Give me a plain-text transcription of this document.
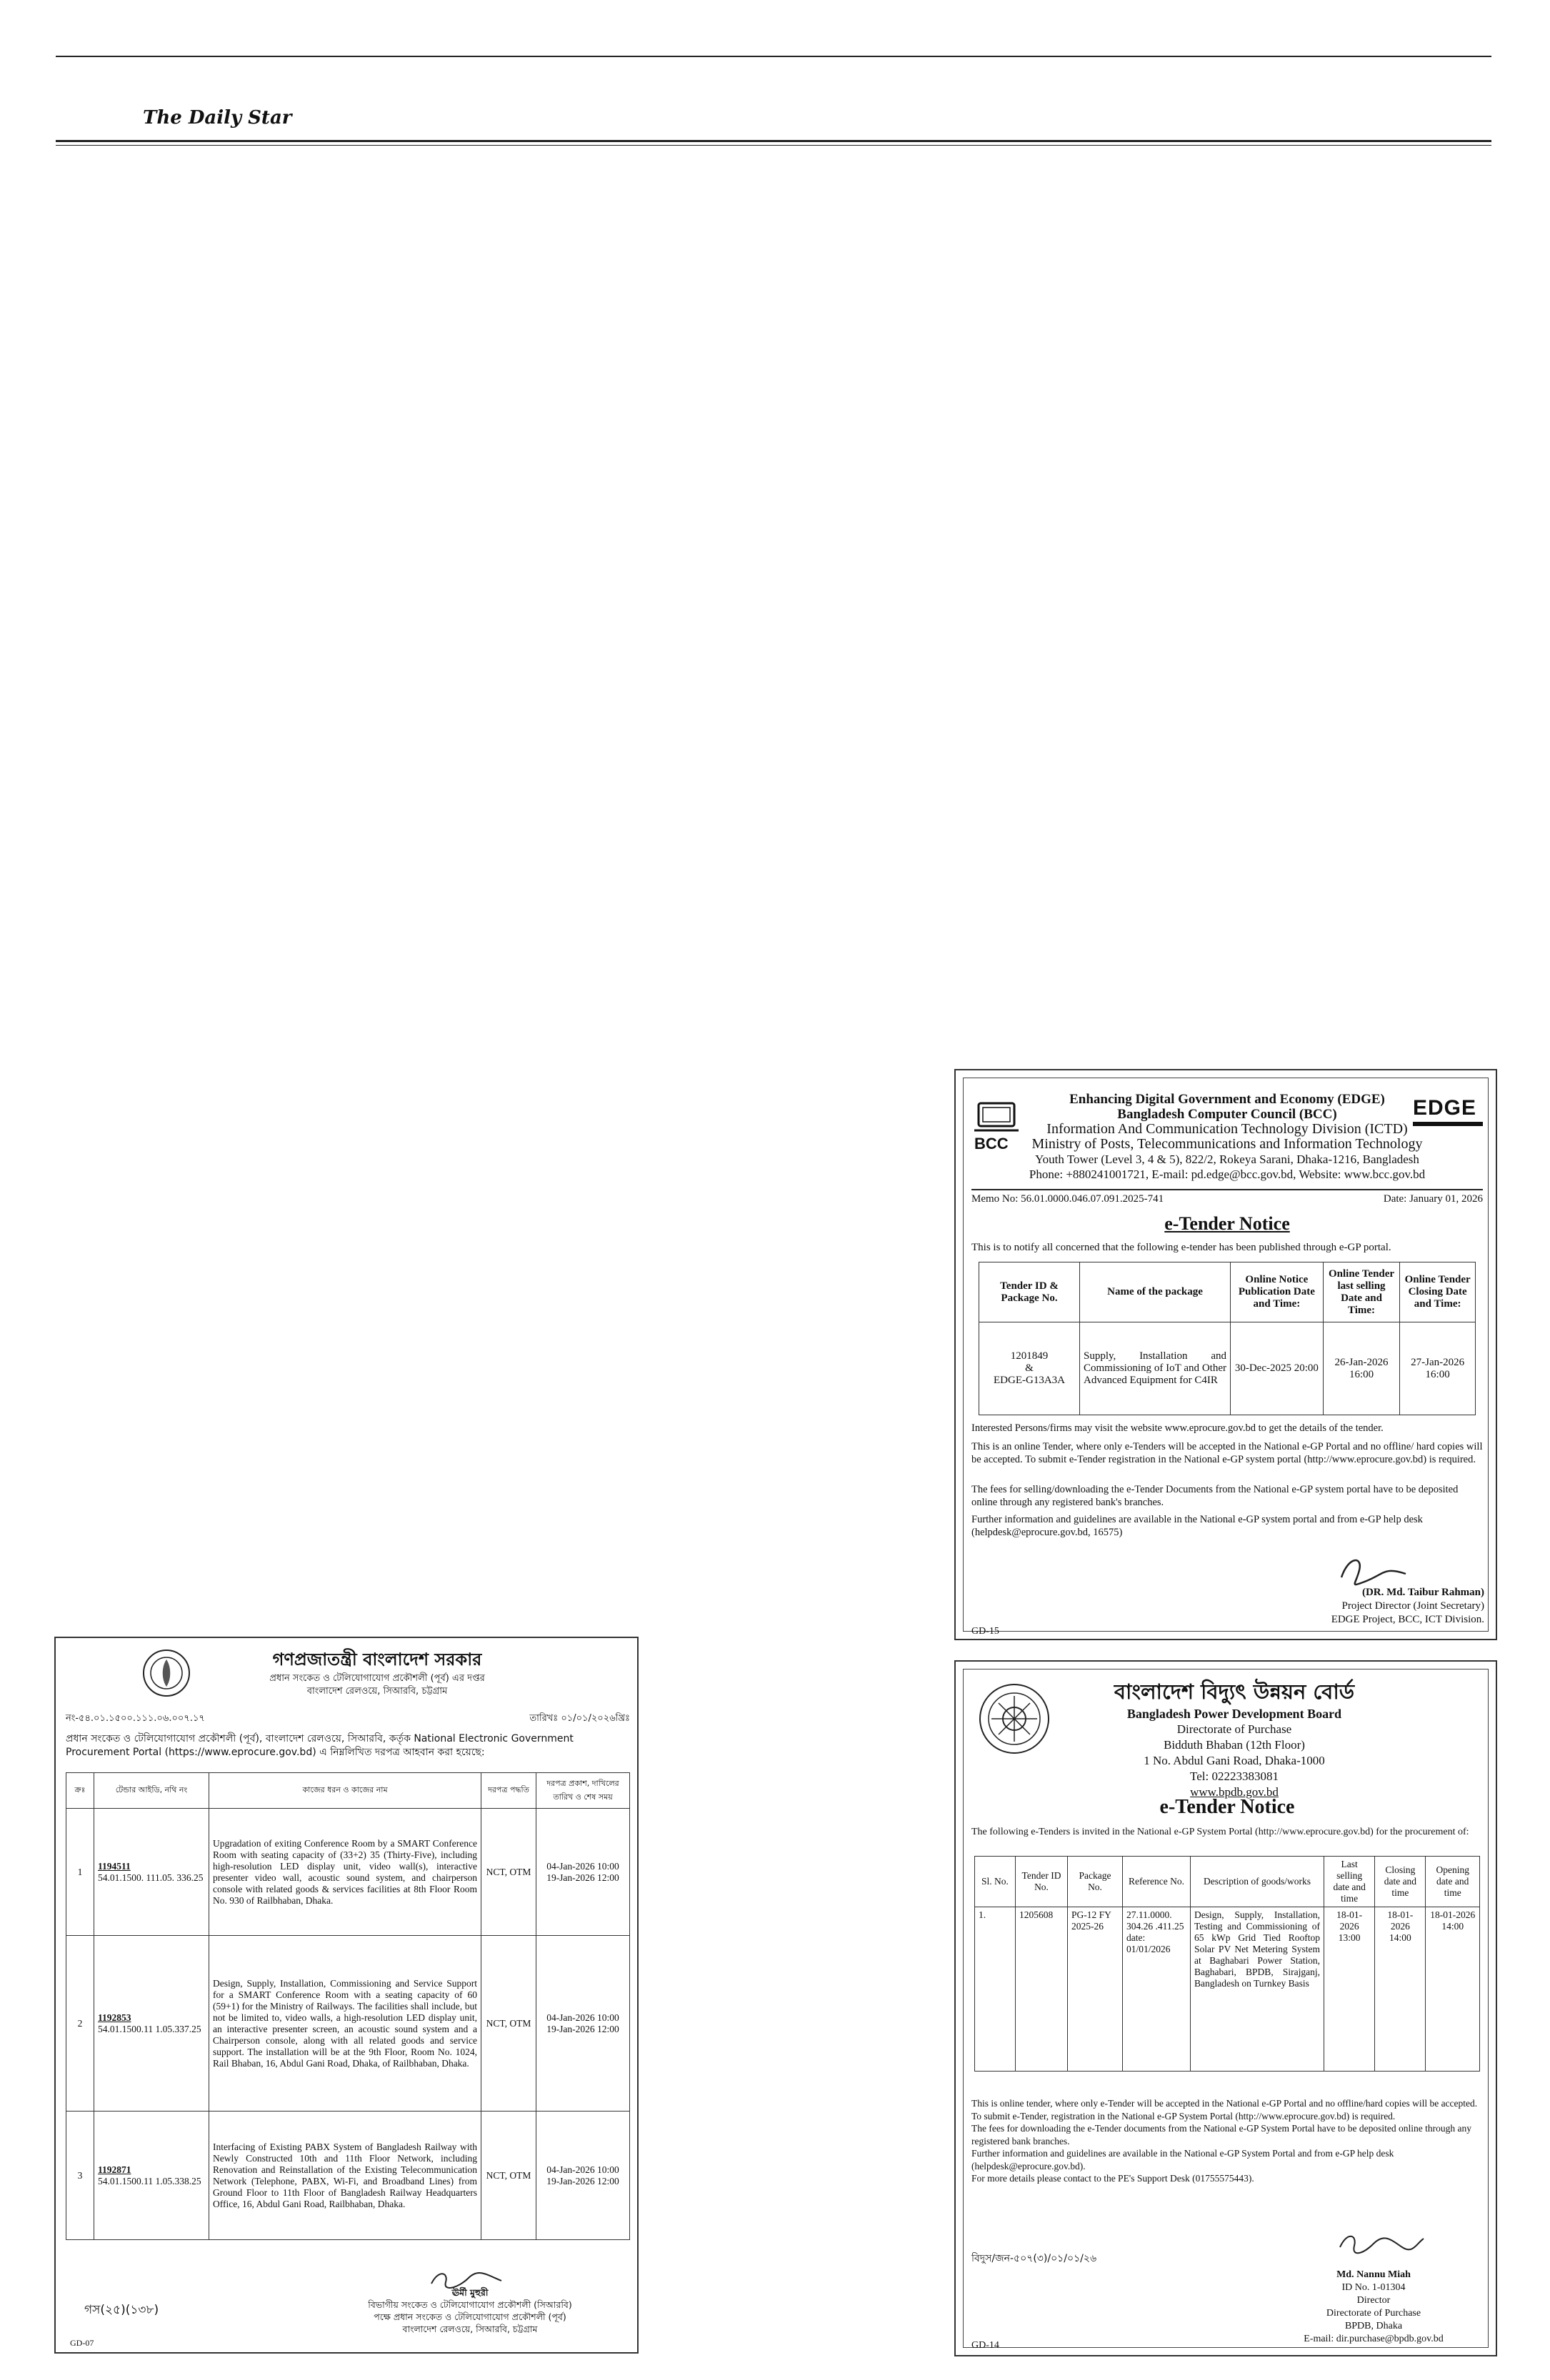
The Daily Star
BCC
EDGE
Enhancing Digital Government and Economy (EDGE)
Bangladesh Computer Council (BCC)
Information And Communication Technology Division (ICTD)
Ministry of Posts, Telecommunications and Information Technology
Youth Tower (Level 3, 4 & 5), 822/2, Rokeya Sarani, Dhaka-1216, Bangladesh
Phone: +880241001721, E-mail: pd.edge@bcc.gov.bd, Website: www.bcc.gov.bd
Memo No: 56.01.0000.046.07.091.2025-741	Date: January 01, 2026
e-Tender Notice
This is to notify all concerned that the following e-tender has been published through e-GP portal.
Tender ID & Package No.	Name of the package	Online Notice Publication Date and Time:	Online Tender last selling Date and Time:	Online Tender Closing Date and Time:

1201849
&
EDGE-G13A3A	Supply, Installation and Commissioning of IoT and Other Advanced Equipment for C4IR	30-Dec-2025 20:00	26-Jan-2026 16:00	27-Jan-2026 16:00
Interested Persons/firms may visit the website www.eprocure.gov.bd to get the details of the tender.
This is an online Tender, where only e-Tenders will be accepted in the National e-GP Portal and no offline/ hard copies will be accepted. To submit e-Tender registration in the National e-GP system portal (http://www.eprocure.gov.bd) is required.
The fees for selling/downloading the e-Tender Documents from the National e-GP system portal have to be deposited online through any registered bank's branches.
Further information and guidelines are available in the National e-GP system portal and from e-GP help desk (helpdesk@eprocure.gov.bd, 16575)
(DR. Md. Taibur Rahman)
Project Director (Joint Secretary)
EDGE Project, BCC, ICT Division.
GD-15
বাংলাদেশ বিদ্যুৎ উন্নয়ন বোর্ড
Bangladesh Power Development Board
Directorate of Purchase
Bidduth Bhaban (12th Floor)
1 No. Abdul Gani Road, Dhaka-1000
Tel: 02223383081
www.bpdb.gov.bd
e-Tender Notice
The following e-Tenders is invited in the National e-GP System Portal (http://www.eprocure.gov.bd) for the procurement of:
Sl. No.	Tender ID No.	Package No.	Reference No.	Description of goods/works	Last selling date and time	Closing date and time	Opening date and time
1.	1205608	PG-12 FY 2025-26	27.11.0000. 304.26 .411.25 date: 01/01/2026	Design, Supply, Installation, Testing and Commissioning of 65 kWp Grid Tied Rooftop Solar PV Net Metering System at Baghabari Power Station, Baghabari, BPDB, Sirajganj, Bangladesh on Turnkey Basis	18-01-2026 13:00	18-01-2026 14:00	18-01-2026 14:00
This is online tender, where only e-Tender will be accepted in the National e-GP Portal and no offline/hard copies will be accepted.
To submit e-Tender, registration in the National e-GP System Portal (http://www.eprocure.gov.bd) is required.
The fees for downloading the e-Tender documents from the National e-GP System Portal have to be deposited online through any registered bank branches.
Further information and guidelines are available in the National e-GP System Portal and from e-GP help desk (helpdesk@eprocure.gov.bd).
For more details please contact to the PE's Support Desk (01755575443).
বিদুস/জন-৫০৭(৩)/০১/০১/২৬
Md. Nannu Miah
ID No. 1-01304
Director
Directorate of Purchase
BPDB, Dhaka
E-mail: dir.purchase@bpdb.gov.bd
GD-14
গণপ্রজাতন্ত্রী বাংলাদেশ সরকার
প্রধান সংকেত ও টেলিযোগাযোগ প্রকৌশলী (পূর্ব) এর দপ্তর
বাংলাদেশ রেলওয়ে, সিআরবি, চট্টগ্রাম
নং-৫৪.০১.১৫০০.১১১.০৬.০০৭.১৭	তারিখঃ ০১/০১/২০২৬খ্রিঃ
প্রধান সংকেত ও টেলিযোগাযোগ প্রকৌশলী (পূর্ব), বাংলাদেশ রেলওয়ে, সিআরবি, কর্তৃক National Electronic Government Procurement Portal (https://www.eprocure.gov.bd) এ নিম্নলিখিত দরপত্র আহবান করা হয়েছে:
ক্রঃ	টেন্ডার আইডি, নথি নং	কাজের ধরন ও কাজের নাম	দরপত্র পদ্ধতি	দরপত্র প্রকাশ, দাখিলের তারিখ ও শেষ সময়
1	1194511
54.01.1500. 111.05. 336.25	Upgradation of exiting Conference Room by a SMART Conference Room with seating capacity of (33+2) 35 (Thirty-Five), including high-resolution LED display unit, video wall(s), interactive presenter video wall, acoustic sound system, and chairperson console with related goods & services facilities at 8th Floor Room No. 930 of Railbhaban, Dhaka.	NCT, OTM	04-Jan-2026 10:00 19-Jan-2026 12:00
2	1192853
54.01.1500.11 1.05.337.25	Design, Supply, Installation, Commissioning and Service Support for a SMART Conference Room with a seating capacity of 60 (59+1) for the Ministry of Railways. The facilities shall include, but not be limited to, video walls, a high-resolution LED display unit, an interactive presenter screen, an acoustic sound system and a Chairperson console, along with all related goods and service support. The installation will be at the 9th Floor, Room No. 1024, Rail Bhaban, 16, Abdul Gani Road, Dhaka, of Railbhaban, Dhaka.	NCT, OTM	04-Jan-2026 10:00 19-Jan-2026 12:00
3	1192871
54.01.1500.11 1.05.338.25	Interfacing of Existing PABX System of Bangladesh Railway with Newly Constructed 10th and 11th Floor Network, including Renovation and Reinstallation of the Existing Telecommunication Network (Telephone, PABX, Wi-Fi, and Broadband Lines) from Ground Floor to 11th Floor of Bangladesh Railway Headquarters Office, 16, Abdul Gani Road, Railbhaban, Dhaka.	NCT, OTM	04-Jan-2026 10:00 19-Jan-2026 12:00
গস(২৫)(১৩৮)
ঊর্মী মুহুরী
বিভাগীয় সংকেত ও টেলিযোগাযোগ প্রকৌশলী (সিআরবি)
পক্ষে প্রধান সংকেত ও টেলিযোগাযোগ প্রকৌশলী (পূর্ব)
বাংলাদেশ রেলওয়ে, সিআরবি, চট্টগ্রাম
GD-07
